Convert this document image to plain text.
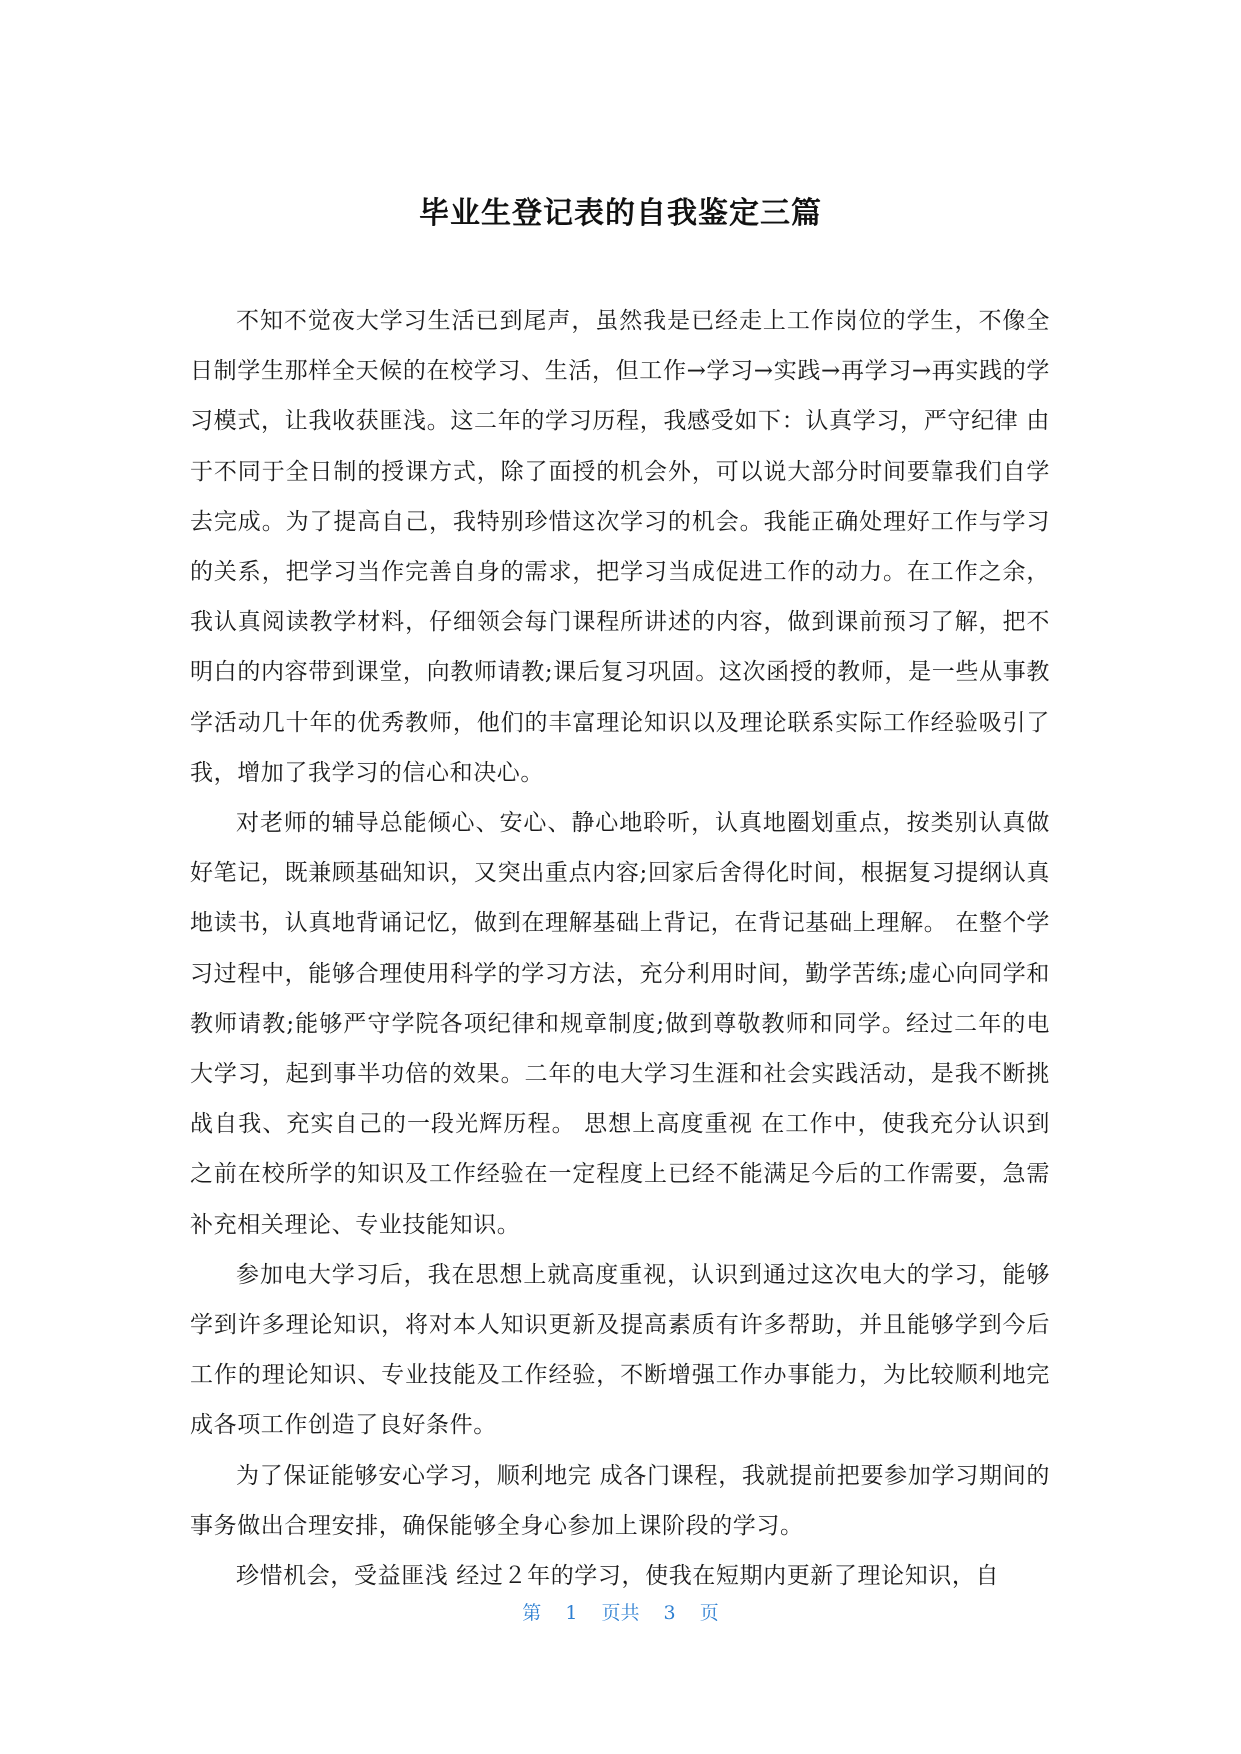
毕业生登记表的自我鉴定三篇

不知不觉夜大学习生活已到尾声，虽然我是已经走上工作岗位的学生，不像全日制学生那样全天候的在校学习、生活，但工作→学习→实践→再学习→再实践的学习模式，让我收获匪浅。这二年的学习历程，我感受如下：认真学习，严守纪律 由于不同于全日制的授课方式，除了面授的机会外，可以说大部分时间要靠我们自学去完成。为了提高自己，我特别珍惜这次学习的机会。我能正确处理好工作与学习的关系，把学习当作完善自身的需求，把学习当成促进工作的动力。在工作之余，我认真阅读教学材料，仔细领会每门课程所讲述的内容，做到课前预习了解，把不明白的内容带到课堂，向教师请教;课后复习巩固。这次函授的教师，是一些从事教学活动几十年的优秀教师，他们的丰富理论知识以及理论联系实际工作经验吸引了我，增加了我学习的信心和决心。

对老师的辅导总能倾心、安心、静心地聆听，认真地圈划重点，按类别认真做好笔记，既兼顾基础知识，又突出重点内容;回家后舍得化时间，根据复习提纲认真地读书，认真地背诵记忆，做到在理解基础上背记，在背记基础上理解。 在整个学习过程中，能够合理使用科学的学习方法，充分利用时间，勤学苦练;虚心向同学和教师请教;能够严守学院各项纪律和规章制度;做到尊敬教师和同学。经过二年的电大学习，起到事半功倍的效果。二年的电大学习生涯和社会实践活动，是我不断挑战自我、充实自己的一段光辉历程。 思想上高度重视 在工作中，使我充分认识到之前在校所学的知识及工作经验在一定程度上已经不能满足今后的工作需要，急需补充相关理论、专业技能知识。

参加电大学习后，我在思想上就高度重视，认识到通过这次电大的学习，能够学到许多理论知识，将对本人知识更新及提高素质有许多帮助，并且能够学到今后工作的理论知识、专业技能及工作经验，不断增强工作办事能力，为比较顺利地完成各项工作创造了良好条件。

为了保证能够安心学习，顺利地完 成各门课程，我就提前把要参加学习期间的事务做出合理安排，确保能够全身心参加上课阶段的学习。

珍惜机会，受益匪浅 经过２年的学习，使我在短期内更新了理论知识，自

第 1 页共 3 页
